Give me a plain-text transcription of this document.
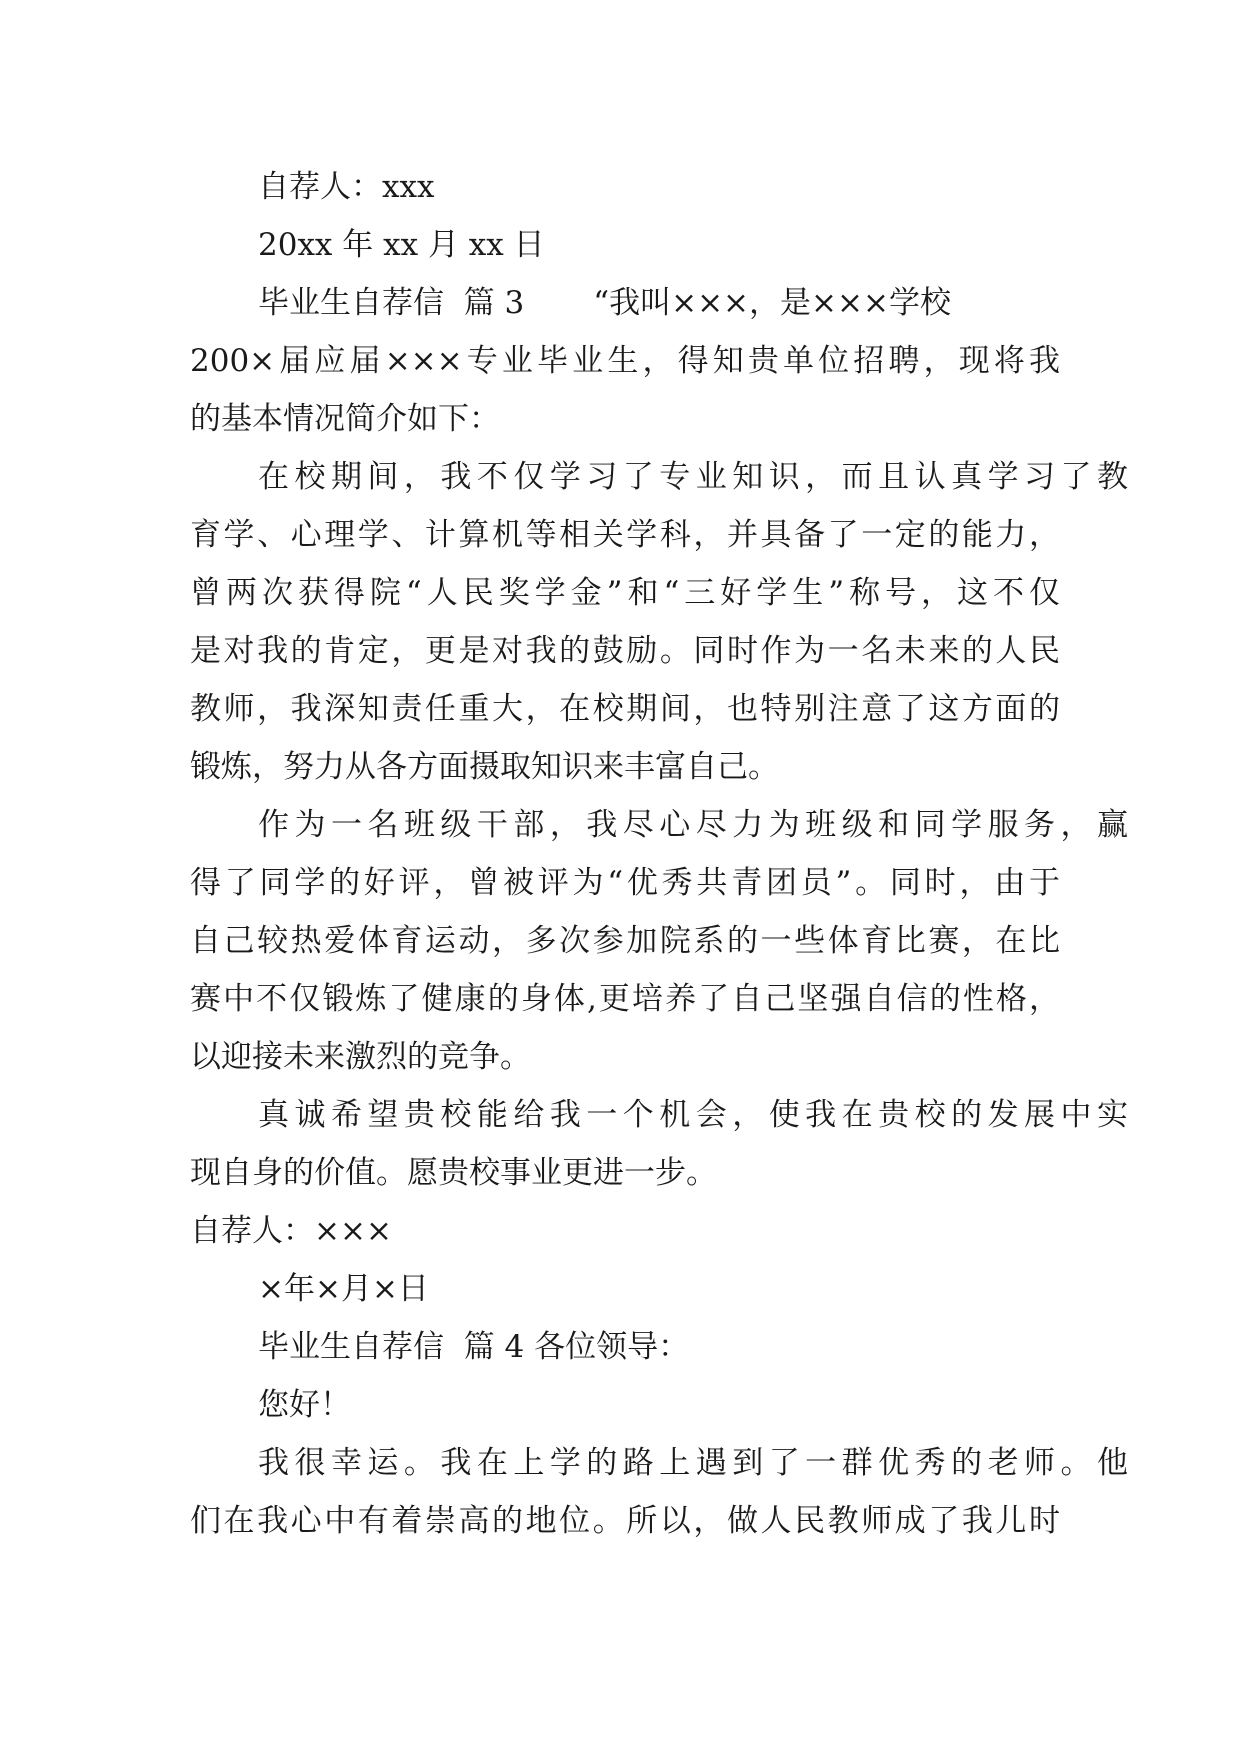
自荐人：xxx
20xx 年 xx 月 xx 日
毕业生自荐信  篇 3       “我叫×××，是×××学校
200×届应届×××专业毕业生，得知贵单位招聘，现将我
的基本情况简介如下：
在校期间，我不仅学习了专业知识，而且认真学习了教
育学、心理学、计算机等相关学科，并具备了一定的能力，
曾两次获得院“人民奖学金”和“三好学生”称号，这不仅
是对我的肯定，更是对我的鼓励。同时作为一名未来的人民
教师，我深知责任重大，在校期间，也特别注意了这方面的
锻炼，努力从各方面摄取知识来丰富自己。
作为一名班级干部，我尽心尽力为班级和同学服务，赢
得了同学的好评，曾被评为“优秀共青团员”。同时，由于
自己较热爱体育运动，多次参加院系的一些体育比赛，在比
赛中不仅锻炼了健康的身体,更培养了自己坚强自信的性格，
以迎接未来激烈的竞争。
真诚希望贵校能给我一个机会，使我在贵校的发展中实
现自身的价值。愿贵校事业更进一步。
自荐人：×××
×年×月×日
毕业生自荐信  篇 4 各位领导：
您好！
我很幸运。我在上学的路上遇到了一群优秀的老师。他
们在我心中有着崇高的地位。所以，做人民教师成了我儿时
